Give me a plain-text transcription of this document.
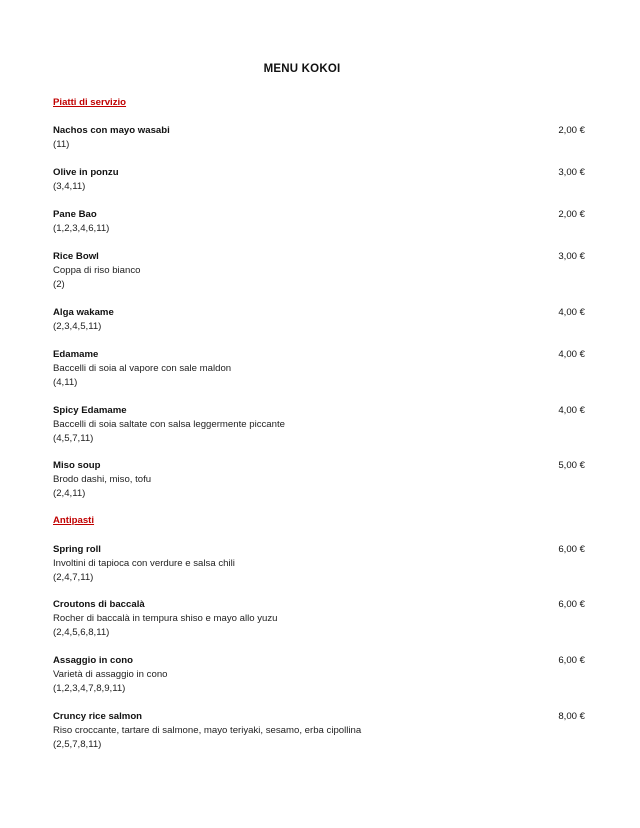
MENU KOKOI
Piatti di servizio
Nachos con mayo wasabi
(11)
2,00 €
Olive in ponzu
(3,4,11)
3,00 €
Pane Bao
(1,2,3,4,6,11)
2,00 €
Rice Bowl
Coppa di riso bianco
(2)
3,00 €
Alga wakame
(2,3,4,5,11)
4,00 €
Edamame
Baccelli di soia al vapore con sale maldon
(4,11)
4,00 €
Spicy Edamame
Baccelli di soia saltate con salsa leggermente piccante
(4,5,7,11)
4,00 €
Miso soup
Brodo dashi, miso, tofu
(2,4,11)
5,00 €
Antipasti
Spring roll
Involtini di tapioca con verdure e salsa chili
(2,4,7,11)
6,00 €
Croutons di baccalà
Rocher di baccalà in tempura shiso e mayo allo yuzu
(2,4,5,6,8,11)
6,00 €
Assaggio in cono
Varietà di assaggio in cono
(1,2,3,4,7,8,9,11)
6,00 €
Cruncy rice salmon
Riso croccante, tartare di salmone, mayo teriyaki, sesamo, erba cipollina
(2,5,7,8,11)
8,00 €
